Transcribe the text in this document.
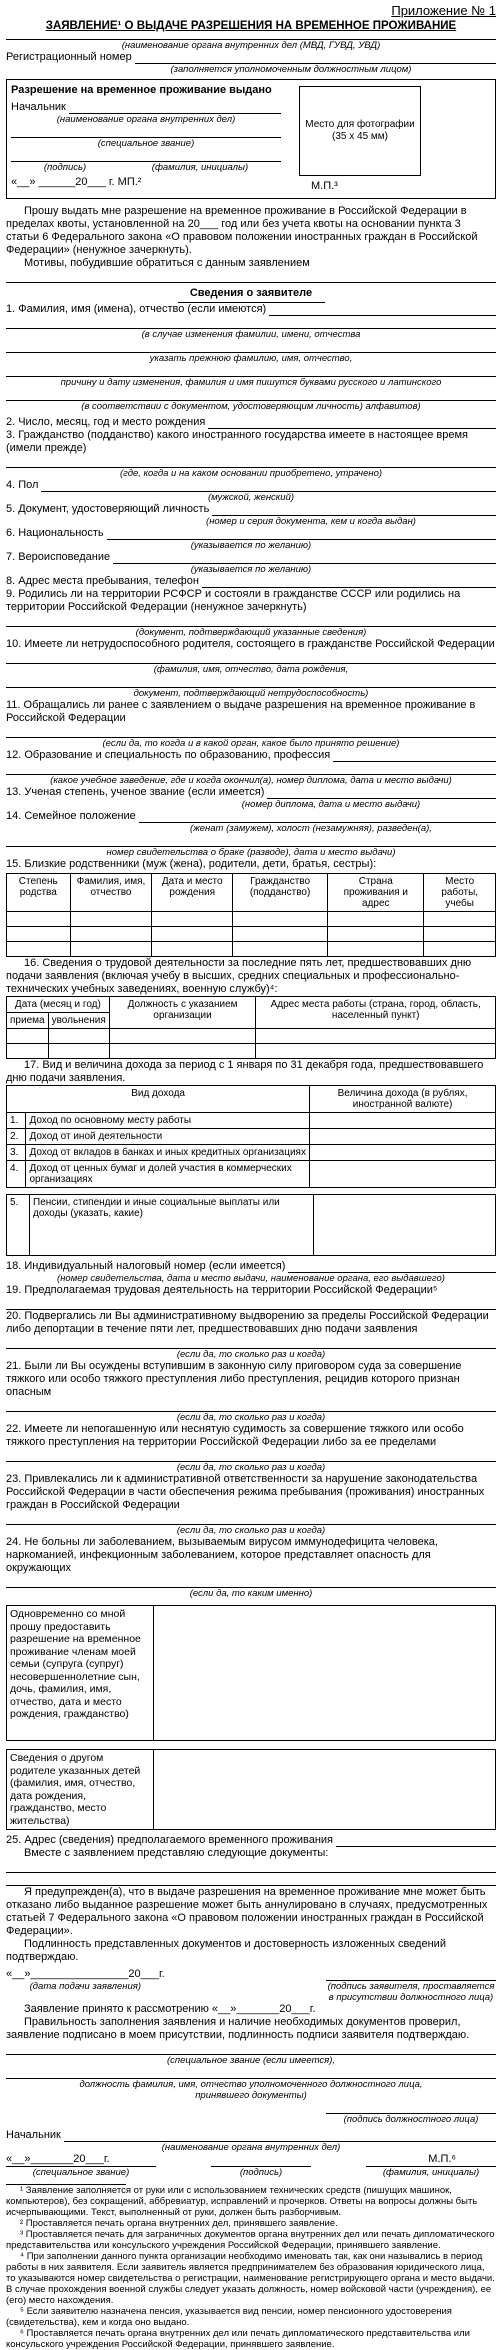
Приложение № 1
ЗАЯВЛЕНИЕ¹ О ВЫДАЧЕ РАЗРЕШЕНИЯ НА ВРЕМЕННОЕ ПРОЖИВАНИЕ
(наименование органа внутренних дел (МВД, ГУВД, УВД)
Регистрационный номер
(заполняется уполномоченным должностным лицом)
Разрешение на временное проживание выдано
Начальник
(наименование органа внутренних дел)
(специальное звание)
(подпись)	(фамилия, инициалы)
«__» ______20___ г. МП.²
Место для фотографии (35 х 45 мм)
М.П.³

Прошу выдать мне разрешение на временное проживание в Российской Федерации в пределах квоты, установленной на 20___ год или без учета квоты на основании пункта 3 статьи 6 Федерального закона «О правовом положении иностранных граждан в Российской Федерации» (ненужное зачеркнуть).

Мотивы, побудившие обратиться с данным заявлением

Сведения о заявителе
1. Фамилия, имя (имена), отчество (если имеются)
(в случае изменения фамилии, имени, отчества
указать прежнюю фамилию, имя, отчество,
причину и дату изменения, фамилия и имя пишутся буквами русского и латинского
(в соответствии с документом, удостоверяющим личность) алфавитов)
2. Число, месяц, год и место рождения
3. Гражданство (подданство) какого иностранного государства имеете в настоящее время (имели прежде)
(где, когда и на каком основании приобретено, утрачено)
4. Пол
(мужской, женский)
5. Документ, удостоверяющий личность
(номер и серия документа, кем и когда выдан)
6. Национальность
(указывается по желанию)
7. Вероисповедание
(указывается по желанию)
8. Адрес места пребывания, телефон
9. Родились ли на территории РСФСР и состояли в гражданстве СССР или родились на территории Российской Федерации (ненужное зачеркнуть)
(документ, подтверждающий указанные сведения)
10. Имеете ли нетрудоспособного родителя, состоящего в гражданстве Российской Федерации
(фамилия, имя, отчество, дата рождения,
документ, подтверждающий нетрудоспособность)
11. Обращались ли ранее с заявлением о выдаче разрешения на временное проживание в Российской Федерации
(если да, то когда и в какой орган, какое было принято решение)
12. Образование и специальность по образованию, профессия
(какое учебное заведение, где и когда окончил(а), номер диплома, дата и место выдачи)
13. Ученая степень, ученое звание (если имеется)
(номер диплома, дата и место выдачи)
14. Семейное положение
(женат (замужем), холост (незамужняя), разведен(а),
номер свидетельства о браке (разводе), дата и место выдачи)
15. Близкие родственники (муж (жена), родители, дети, братья, сестры):
Степень родства	Фамилия, имя, отчество	Дата и место рождения	Гражданство (подданство)	Страна проживания и адрес	Место работы, учебы

16. Сведения о трудовой деятельности за последние пять лет, предшествовавших дню подачи заявления (включая учебу в высших, средних специальных и профессионально-технических учебных заведениях, военную службу)⁴:

Дата (месяц и год)		Должность с указанием организации	Адрес места работы (страна, город, область, населенный пункт)
приема	увольнения		

17. Вид и величина дохода за период с 1 января по 31 декабря года, предшествовавшего дню подачи заявления.

Вид дохода		Величина дохода (в рублях, иностранной валюте)
1.	Доход по основному месту работы	
2.	Доход от иной деятельности	
3.	Доход от вкладов в банках и иных кредитных организациях	
4.	Доход от ценных бумаг и долей участия в коммерческих организациях	
5.	Пенсии, стипендии и иные социальные выплаты или доходы (указать, какие)	
18. Индивидуальный налоговый номер (если имеется)
(номер свидетельства, дата и место выдачи, наименование органа, его выдавшего)
19. Предполагаемая трудовая деятельность на территории Российской Федерации⁵
20. Подвергались ли Вы административному выдворению за пределы Российской Федерации либо депортации в течение пяти лет, предшествовавших дню подачи заявления
(если да, то сколько раз и когда)
21. Были ли Вы осуждены вступившим в законную силу приговором суда за совершение тяжкого или особо тяжкого преступления либо преступления, рецидив которого признан опасным
(если да, то сколько раз и когда)
22. Имеете ли непогашенную или неснятую судимость за совершение тяжкого или особо тяжкого преступления на территории Российской Федерации либо за ее пределами
(если да, то сколько раз и когда)
23. Привлекались ли к административной ответственности за нарушение законодательства Российской Федерации в части обеспечения режима пребывания (проживания) иностранных граждан в Российской Федерации
(если да, то сколько раз и когда)
24. Не больны ли заболеванием, вызываемым вирусом иммунодефицита человека, наркоманией, инфекционным заболеванием, которое представляет опасность для окружающих
(если да, то каким именно)
Одновременно со мной прошу предоставить разрешение на временное проживание членам моей семьи (супруга (супруг) несовершеннолетние сын, дочь, фамилия, имя, отчество, дата и место рождения, гражданство)	
Сведения о другом родителе указанных детей (фамилия, имя, отчество, дата рождения, гражданство, место жительства)	
25. Адрес (сведения) предполагаемого временного проживания

Вместе с заявлением представляю следующие документы:

Я предупрежден(а), что в выдаче разрешения на временное проживание мне может быть отказано либо выданное разрешение может быть аннулировано в случаях, предусмотренных статьей 7 Федерального закона «О правовом положении иностранных граждан в Российской Федерации».

Подлинность представленных документов и достоверность изложенных сведений подтверждаю.

«__»________________20___г.
(дата подачи заявления)	(подпись заявителя, проставляется
в присутствии должностного лица)

Заявление принято к рассмотрению «__»_______20___г.

Правильность заполнения заявления и наличие необходимых документов проверил, заявление подписано в моем присутствии, подлинность подписи заявителя подтверждаю.

(специальное звание (если имеется),
должность фамилия, имя, отчество уполномоченного должностного лица,
принявшего документы)
(подпись должностного лица)
Начальник
(наименование органа внутренних дел)
«__»_______20___г.	М.П.⁶
(специальное звание)	(подпись)	(фамилия, инициалы)

¹ Заявление заполняется от руки или с использованием технических средств (пишущих машинок, компьютеров), без сокращений, аббревиатур, исправлений и прочерков. Ответы на вопросы должны быть исчерпывающими. Текст, выполненный от руки, должен быть разборчивым.

² Проставляется печать органа внутренних дел, принявшего заявление.

³ Проставляется печать для заграничных документов органа внутренних дел или печать дипломатического представительства или консульского учреждения Российской Федерации, принявшего заявление.

⁴ При заполнении данного пункта организации необходимо именовать так, как они назывались в период работы в них заявителя. Если заявитель является предпринимателем без образования юридического лица, то указываются номер свидетельства о регистрации, наименование регистрирующего органа и место выдачи. В случае прохождения военной службы следует указать должность, номер войсковой части (учреждения), ее (его) место нахождения.

⁵ Если заявителю назначена пенсия, указывается вид пенсии, номер пенсионного удостоверения (свидетельства), кем и когда оно выдано.

⁶ Проставляется печать органа внутренних дел или печать дипломатического представительства или консульского учреждения Российской Федерации, принявшего заявление.
